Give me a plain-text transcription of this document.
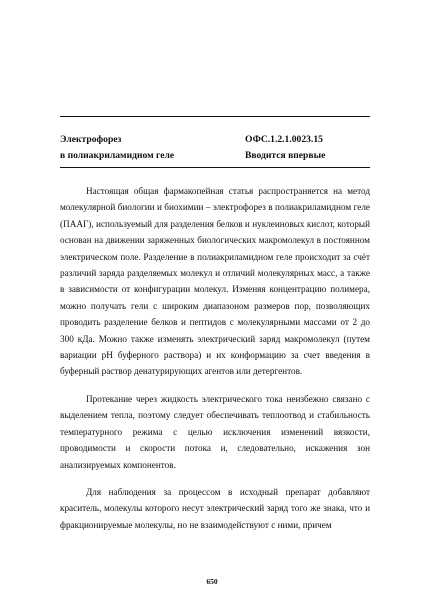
Электрофорез
в полиакриламидном геле
ОФС.1.2.1.0023.15
Вводится впервые

Настоящая общая фармакопейная статья распространяется на метод молекулярной биологии и биохимии – электрофорез в полиакриламидном геле (ПААГ), используемый для разделения белков и нуклеиновых кислот, который основан на движении заряженных биологических макромолекул в постоянном электрическом поле. Разделение в полиакриламидном геле происходит за счёт различий заряда разделяемых молекул и отличий молекулярных масс, а также в зависимости от конфигурации молекул. Изменяя концентрацию полимера, можно получать гели с широким диапазоном размеров пор, позволяющих проводить разделение белков и пептидов с молекулярными массами от 2 до 300 кДа. Можно также изменять электрический заряд макромолекул (путем вариации pH буферного раствора) и их конформацию за счет введения в буферный раствор денатурирующих агентов или детергентов.

Протекание через жидкость электрического тока неизбежно связано с выделением тепла, поэтому следует обеспечивать теплоотвод и стабильность температурного режима с целью исключения изменений вязкости, проводимости и скорости потока и, следовательно, искажения зон анализируемых компонентов.

Для наблюдения за процессом в исходный препарат добавляют краситель, молекулы которого несут электрический заряд того же знака, что и фракционируемые молекулы, но не взаимодействуют с ними, причем

650
